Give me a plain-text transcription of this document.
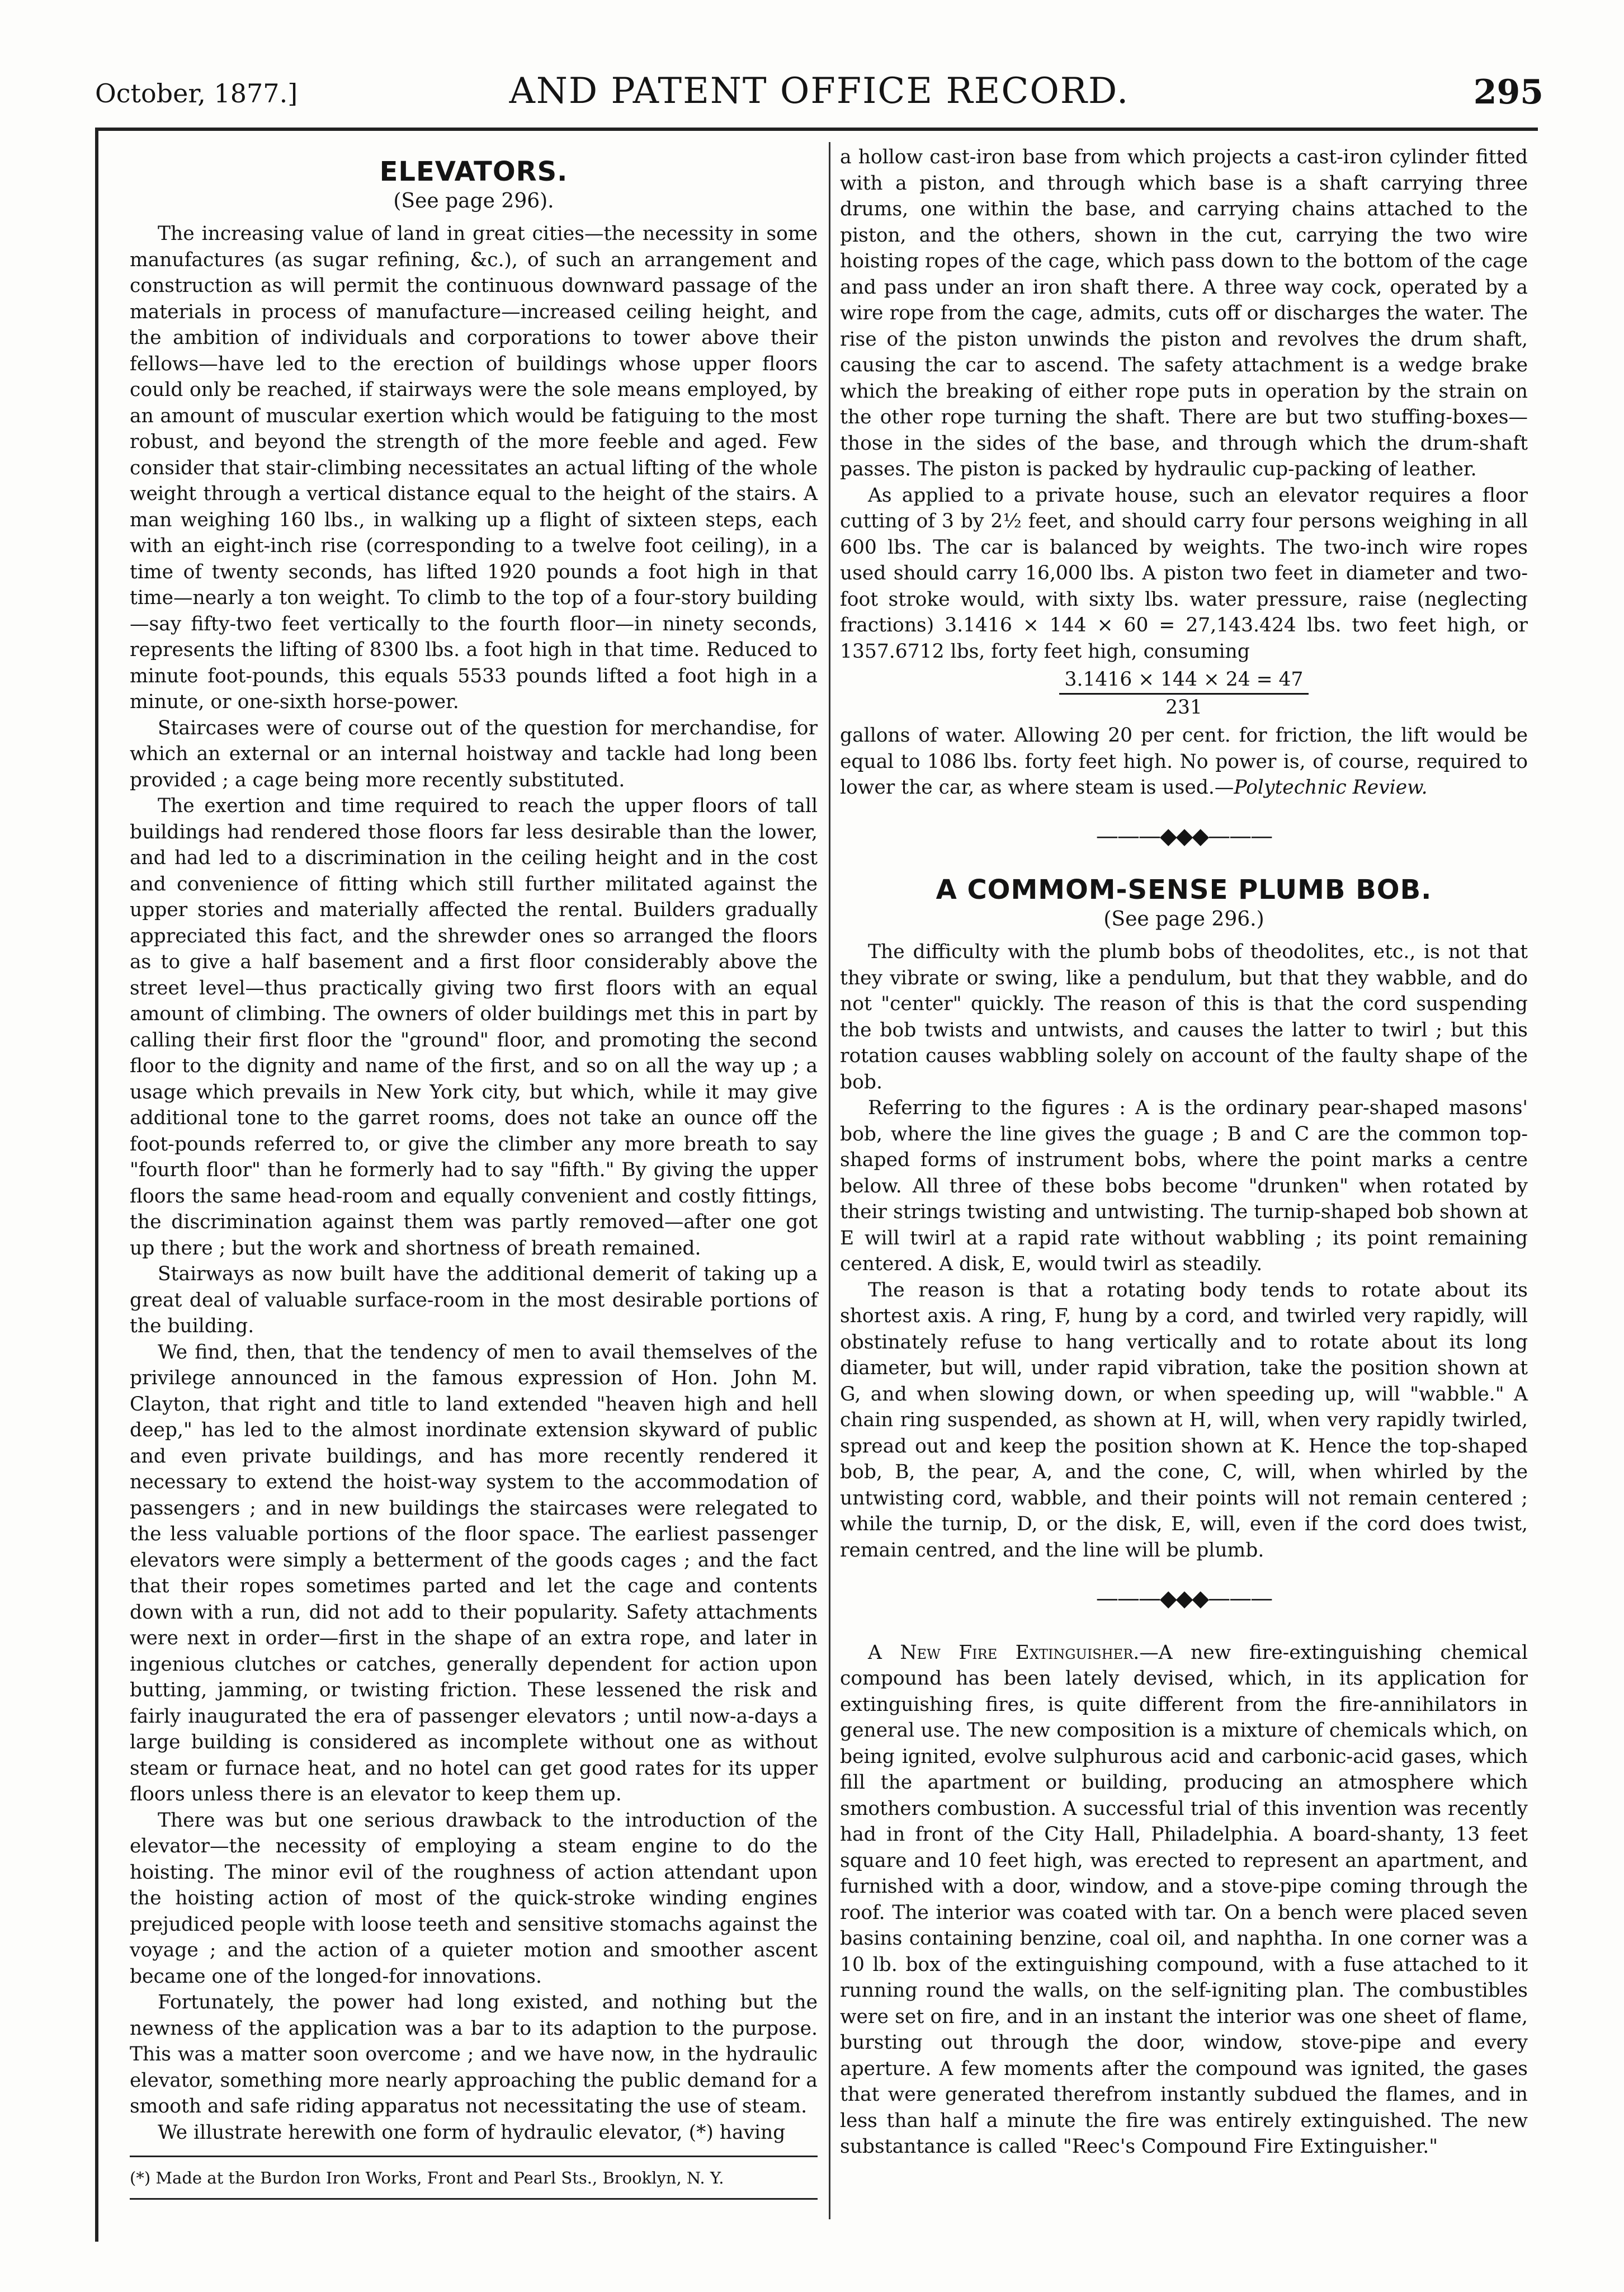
October, 1877.]	AND PATENT OFFICE RECORD.	295
ELEVATORS.
(See page 296).

The increasing value of land in great cities—the necessity in some manufactures (as sugar refining, &c.), of such an arrangement and construction as will permit the continuous downward passage of the materials in process of manufacture—increased ceiling height, and the ambition of individuals and corporations to tower above their fellows—have led to the erection of buildings whose upper floors could only be reached, if stairways were the sole means employed, by an amount of muscular exertion which would be fatiguing to the most robust, and beyond the strength of the more feeble and aged. Few consider that stair-climbing necessitates an actual lifting of the whole weight through a vertical distance equal to the height of the stairs. A man weighing 160 lbs., in walking up a flight of sixteen steps, each with an eight-inch rise (corresponding to a twelve foot ceiling), in a time of twenty seconds, has lifted 1920 pounds a foot high in that time—nearly a ton weight. To climb to the top of a four-story building—say fifty-two feet vertically to the fourth floor—in ninety seconds, represents the lifting of 8300 lbs. a foot high in that time. Reduced to minute foot-pounds, this equals 5533 pounds lifted a foot high in a minute, or one-sixth horse-power.

Staircases were of course out of the question for merchandise, for which an external or an internal hoistway and tackle had long been provided ; a cage being more recently substituted.

The exertion and time required to reach the upper floors of tall buildings had rendered those floors far less desirable than the lower, and had led to a discrimination in the ceiling height and in the cost and convenience of fitting which still further militated against the upper stories and materially affected the rental. Builders gradually appreciated this fact, and the shrewder ones so arranged the floors as to give a half basement and a first floor considerably above the street level—thus practically giving two first floors with an equal amount of climbing. The owners of older buildings met this in part by calling their first floor the "ground" floor, and promoting the second floor to the dignity and name of the first, and so on all the way up ; a usage which prevails in New York city, but which, while it may give additional tone to the garret rooms, does not take an ounce off the foot-pounds referred to, or give the climber any more breath to say "fourth floor" than he formerly had to say "fifth." By giving the upper floors the same head-room and equally convenient and costly fittings, the discrimination against them was partly removed—after one got up there ; but the work and shortness of breath remained.

Stairways as now built have the additional demerit of taking up a great deal of valuable surface-room in the most desirable portions of the building.

We find, then, that the tendency of men to avail themselves of the privilege announced in the famous expression of Hon. John M. Clayton, that right and title to land extended "heaven high and hell deep," has led to the almost inordinate extension skyward of public and even private buildings, and has more recently rendered it necessary to extend the hoist-way system to the accommodation of passengers ; and in new buildings the staircases were relegated to the less valuable portions of the floor space. The earliest passenger elevators were simply a betterment of the goods cages ; and the fact that their ropes sometimes parted and let the cage and contents down with a run, did not add to their popularity. Safety attachments were next in order—first in the shape of an extra rope, and later in ingenious clutches or catches, generally dependent for action upon butting, jamming, or twisting friction. These lessened the risk and fairly inaugurated the era of passenger elevators ; until now-a-days a large building is considered as incomplete without one as without steam or furnace heat, and no hotel can get good rates for its upper floors unless there is an elevator to keep them up.

There was but one serious drawback to the introduction of the elevator—the necessity of employing a steam engine to do the hoisting. The minor evil of the roughness of action attendant upon the hoisting action of most of the quick-stroke winding engines prejudiced people with loose teeth and sensitive stomachs against the voyage ; and the action of a quieter motion and smoother ascent became one of the longed-for innovations.

Fortunately, the power had long existed, and nothing but the newness of the application was a bar to its adaption to the purpose. This was a matter soon overcome ; and we have now, in the hydraulic elevator, something more nearly approaching the public demand for a smooth and safe riding apparatus not necessitating the use of steam.

We illustrate herewith one form of hydraulic elevator, (*) having

(*) Made at the Burdon Iron Works, Front and Pearl Sts., Brooklyn, N. Y.

a hollow cast-iron base from which projects a cast-iron cylinder fitted with a piston, and through which base is a shaft carrying three drums, one within the base, and carrying chains attached to the piston, and the others, shown in the cut, carrying the two wire hoisting ropes of the cage, which pass down to the bottom of the cage and pass under an iron shaft there. A three way cock, operated by a wire rope from the cage, admits, cuts off or discharges the water. The rise of the piston unwinds the piston and revolves the drum shaft, causing the car to ascend. The safety attachment is a wedge brake which the breaking of either rope puts in operation by the strain on the other rope turning the shaft. There are but two stuffing-boxes—those in the sides of the base, and through which the drum-shaft passes. The piston is packed by hydraulic cup-packing of leather.

As applied to a private house, such an elevator requires a floor cutting of 3 by 2½ feet, and should carry four persons weighing in all 600 lbs. The car is balanced by weights. The two-inch wire ropes used should carry 16,000 lbs. A piston two feet in diameter and two-foot stroke would, with sixty lbs. water pressure, raise (neglecting fractions) 3.1416 × 144 × 60 = 27,143.424 lbs. two feet high, or 1357.6712 lbs, forty feet high, consuming

3.1416 × 144 × 24 = 47
231

gallons of water. Allowing 20 per cent. for friction, the lift would be equal to 1086 lbs. forty feet high. No power is, of course, required to lower the car, as where steam is used.—Polytechnic Review.

———◆◆◆———
A COMMOM-SENSE PLUMB BOB.
(See page 296.)

The difficulty with the plumb bobs of theodolites, etc., is not that they vibrate or swing, like a pendulum, but that they wabble, and do not "center" quickly. The reason of this is that the cord suspending the bob twists and untwists, and causes the latter to twirl ; but this rotation causes wabbling solely on account of the faulty shape of the bob.

Referring to the figures : A is the ordinary pear-shaped masons' bob, where the line gives the guage ; B and C are the common top-shaped forms of instrument bobs, where the point marks a centre below. All three of these bobs become "drunken" when rotated by their strings twisting and untwisting. The turnip-shaped bob shown at E will twirl at a rapid rate without wabbling ; its point remaining centered. A disk, E, would twirl as steadily.

The reason is that a rotating body tends to rotate about its shortest axis. A ring, F, hung by a cord, and twirled very rapidly, will obstinately refuse to hang vertically and to rotate about its long diameter, but will, under rapid vibration, take the position shown at G, and when slowing down, or when speeding up, will "wabble." A chain ring suspended, as shown at H, will, when very rapidly twirled, spread out and keep the position shown at K. Hence the top-shaped bob, B, the pear, A, and the cone, C, will, when whirled by the untwisting cord, wabble, and their points will not remain centered ; while the turnip, D, or the disk, E, will, even if the cord does twist, remain centred, and the line will be plumb.

———◆◆◆———

A New Fire Extinguisher.—A new fire-extinguishing chemical compound has been lately devised, which, in its application for extinguishing fires, is quite different from the fire-annihilators in general use. The new composition is a mixture of chemicals which, on being ignited, evolve sulphurous acid and carbonic-acid gases, which fill the apartment or building, producing an atmosphere which smothers combustion. A successful trial of this invention was recently had in front of the City Hall, Philadelphia. A board-shanty, 13 feet square and 10 feet high, was erected to represent an apartment, and furnished with a door, window, and a stove-pipe coming through the roof. The interior was coated with tar. On a bench were placed seven basins containing benzine, coal oil, and naphtha. In one corner was a 10 lb. box of the extinguishing compound, with a fuse attached to it running round the walls, on the self-igniting plan. The combustibles were set on fire, and in an instant the interior was one sheet of flame, bursting out through the door, window, stove-pipe and every aperture. A few moments after the compound was ignited, the gases that were generated therefrom instantly subdued the flames, and in less than half a minute the fire was entirely extinguished. The new substantance is called "Reec's Compound Fire Extinguisher."
